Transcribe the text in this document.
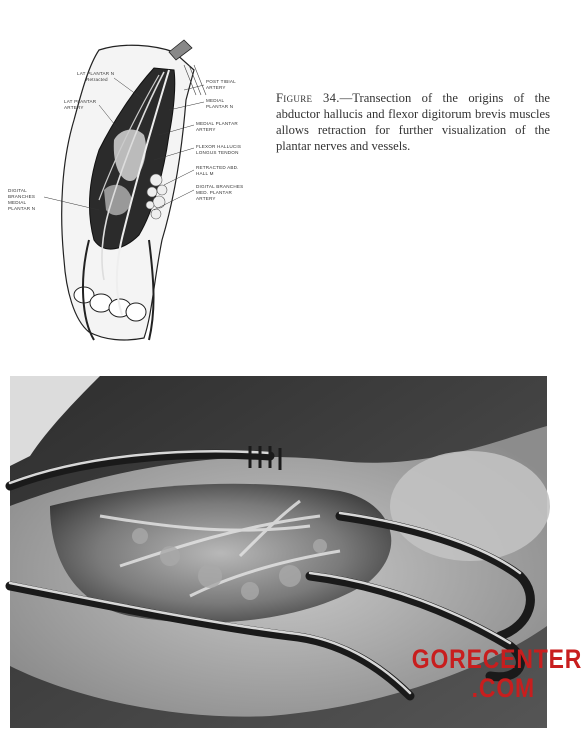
LAT PLANTAR N
Retracted
LAT PLANTAR
ARTERY
POST TIBIAL
ARTERY
MEDIAL
PLANTAR N
MEDIAL PLANTAR
ARTERY
FLEXOR HALLUCIS
LONGUS TENDON
RETRACTED ABD.
HALL M
DIGITAL BRANCHES
MED. PLANTAR
ARTERY
DIGITAL
BRANCHES
MEDIAL
PLANTAR N
Figure 34.—Transection of the origins of the abductor hallucis and flexor digitorum brevis muscles allows retraction for further visualization of the plantar nerves and vessels.
GORECENTER
.COM
